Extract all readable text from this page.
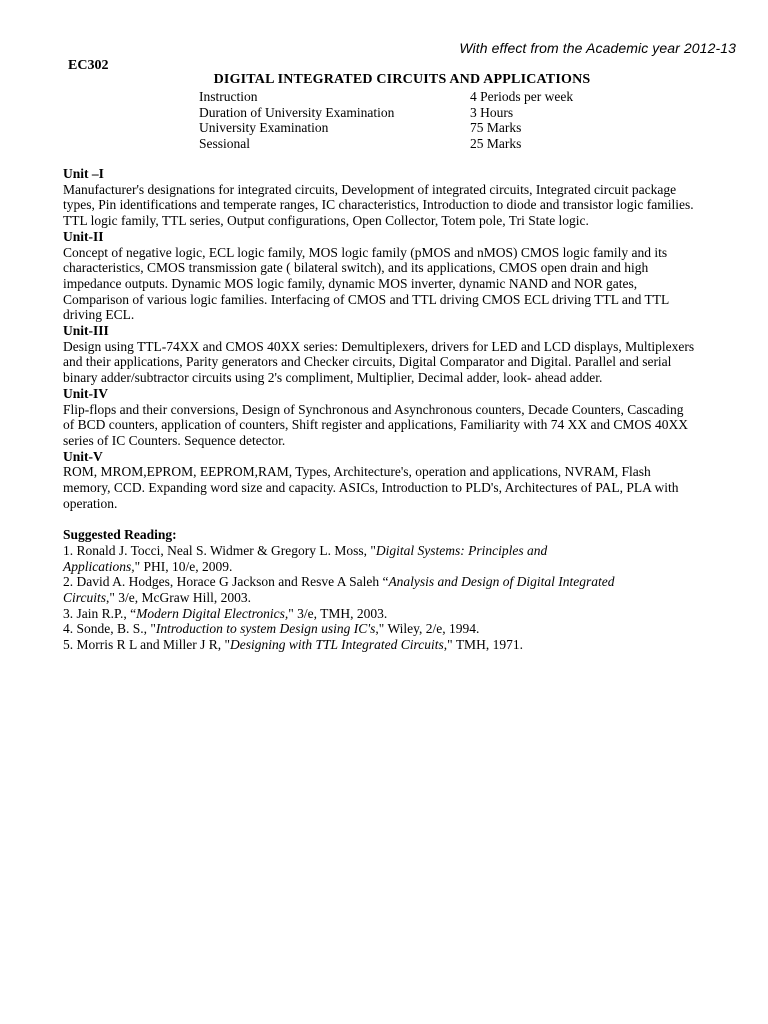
With effect from the Academic year 2012-13
EC302
DIGITAL INTEGRATED CIRCUITS AND APPLICATIONS
Instruction	4 Periods per week
Duration of University Examination	3 Hours
University Examination	75 Marks
Sessional	25 Marks
Unit –I
Manufacturer's designations for integrated circuits, Development of integrated circuits, Integrated circuit package
types, Pin identifications and temperate ranges, IC characteristics, Introduction to diode and transistor logic families.
TTL logic family, TTL series, Output configurations, Open Collector, Totem pole, Tri State logic.
Unit-II
Concept of negative logic, ECL logic family, MOS logic family (pMOS and nMOS) CMOS logic family and its
characteristics, CMOS transmission gate ( bilateral switch), and its applications, CMOS open drain and high
impedance outputs. Dynamic MOS logic family, dynamic MOS inverter, dynamic NAND and NOR gates,
Comparison of various logic families. Interfacing of CMOS and TTL driving CMOS ECL driving TTL and TTL
driving ECL.
Unit-III
Design using TTL-74XX and CMOS 40XX series: Demultiplexers, drivers for LED and LCD displays, Multiplexers
and their applications, Parity generators and Checker circuits, Digital Comparator and Digital. Parallel and serial
binary adder/subtractor circuits using 2's compliment, Multiplier, Decimal adder, look- ahead adder.
Unit-IV
Flip-flops and their conversions, Design of Synchronous and Asynchronous counters, Decade Counters, Cascading
of BCD counters, application of counters, Shift register and applications, Familiarity with 74 XX and CMOS 40XX
series of IC Counters. Sequence detector.
Unit-V
ROM, MROM,EPROM, EEPROM,RAM, Types, Architecture's, operation and applications, NVRAM, Flash
memory, CCD. Expanding word size and capacity. ASICs, Introduction to PLD's, Architectures of PAL, PLA with
operation.
Suggested Reading:
1. Ronald J. Tocci, Neal S. Widmer & Gregory L. Moss, "Digital Systems: Principles and
Applications," PHI, 10/e, 2009.
2. David A. Hodges, Horace G Jackson and Resve A Saleh “Analysis and Design of Digital Integrated
Circuits," 3/e, McGraw Hill, 2003.
3. Jain R.P., “Modern Digital Electronics," 3/e, TMH, 2003.
4. Sonde, B. S., "Introduction to system Design using IC's," Wiley, 2/e, 1994.
5. Morris R L and Miller J R, "Designing with TTL Integrated Circuits," TMH, 1971.
